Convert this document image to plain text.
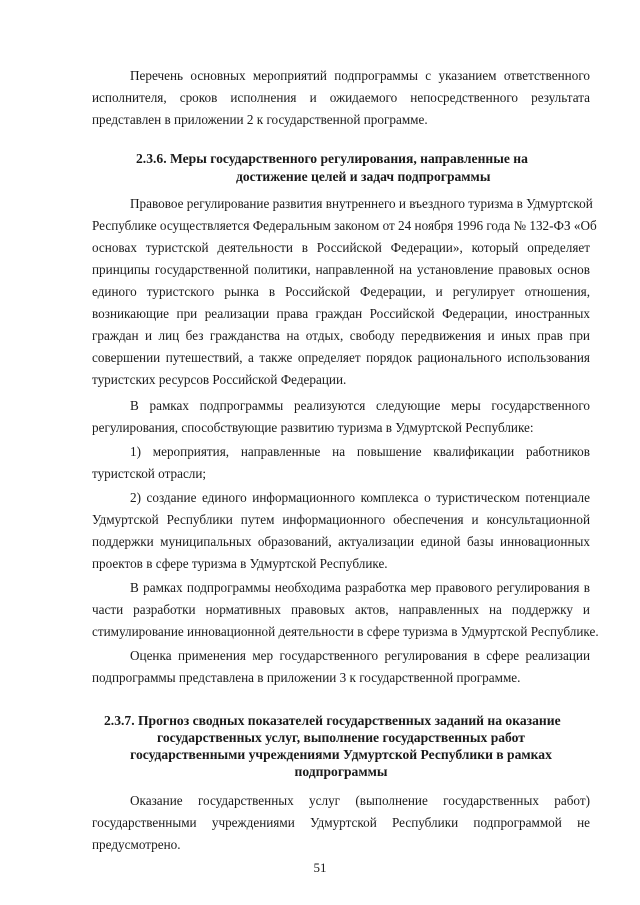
Перечень основных мероприятий подпрограммы с указанием ответственного
исполнителя, сроков исполнения и ожидаемого непосредственного результата
представлен в приложении 2 к государственной программе.
2.3.6. Меры государственного регулирования, направленные на
достижение целей и задач подпрограммы
Правовое регулирование развития внутреннего и въездного туризма в Удмуртской
Республике осуществляется Федеральным законом от 24 ноября 1996 года № 132-ФЗ «Об
основах туристской деятельности в Российской Федерации», который определяет
принципы государственной политики, направленной на установление правовых основ
единого туристского рынка в Российской Федерации, и регулирует отношения,
возникающие при реализации права граждан Российской Федерации, иностранных
граждан и лиц без гражданства на отдых, свободу передвижения и иных прав при
совершении путешествий, а также определяет порядок рационального использования
туристских ресурсов Российской Федерации.
В рамках подпрограммы реализуются следующие меры государственного
регулирования, способствующие развитию туризма в Удмуртской Республике:
1) мероприятия, направленные на повышение квалификации работников
туристской отрасли;
2) создание единого информационного комплекса о туристическом потенциале
Удмуртской Республики путем информационного обеспечения и консультационной
поддержки муниципальных образований, актуализации единой базы инновационных
проектов в сфере туризма в Удмуртской Республике.
В рамках подпрограммы необходима разработка мер правового регулирования в
части разработки нормативных правовых актов, направленных на поддержку и
стимулирование инновационной деятельности в сфере туризма в Удмуртской Республике.
Оценка применения мер государственного регулирования в сфере реализации
подпрограммы представлена в приложении 3 к государственной программе.
2.3.7. Прогноз сводных показателей государственных заданий на оказание
государственных услуг, выполнение государственных работ
государственными учреждениями Удмуртской Республики в рамках
подпрограммы
Оказание государственных услуг (выполнение государственных работ)
государственными учреждениями Удмуртской Республики подпрограммой не
предусмотрено.
51
